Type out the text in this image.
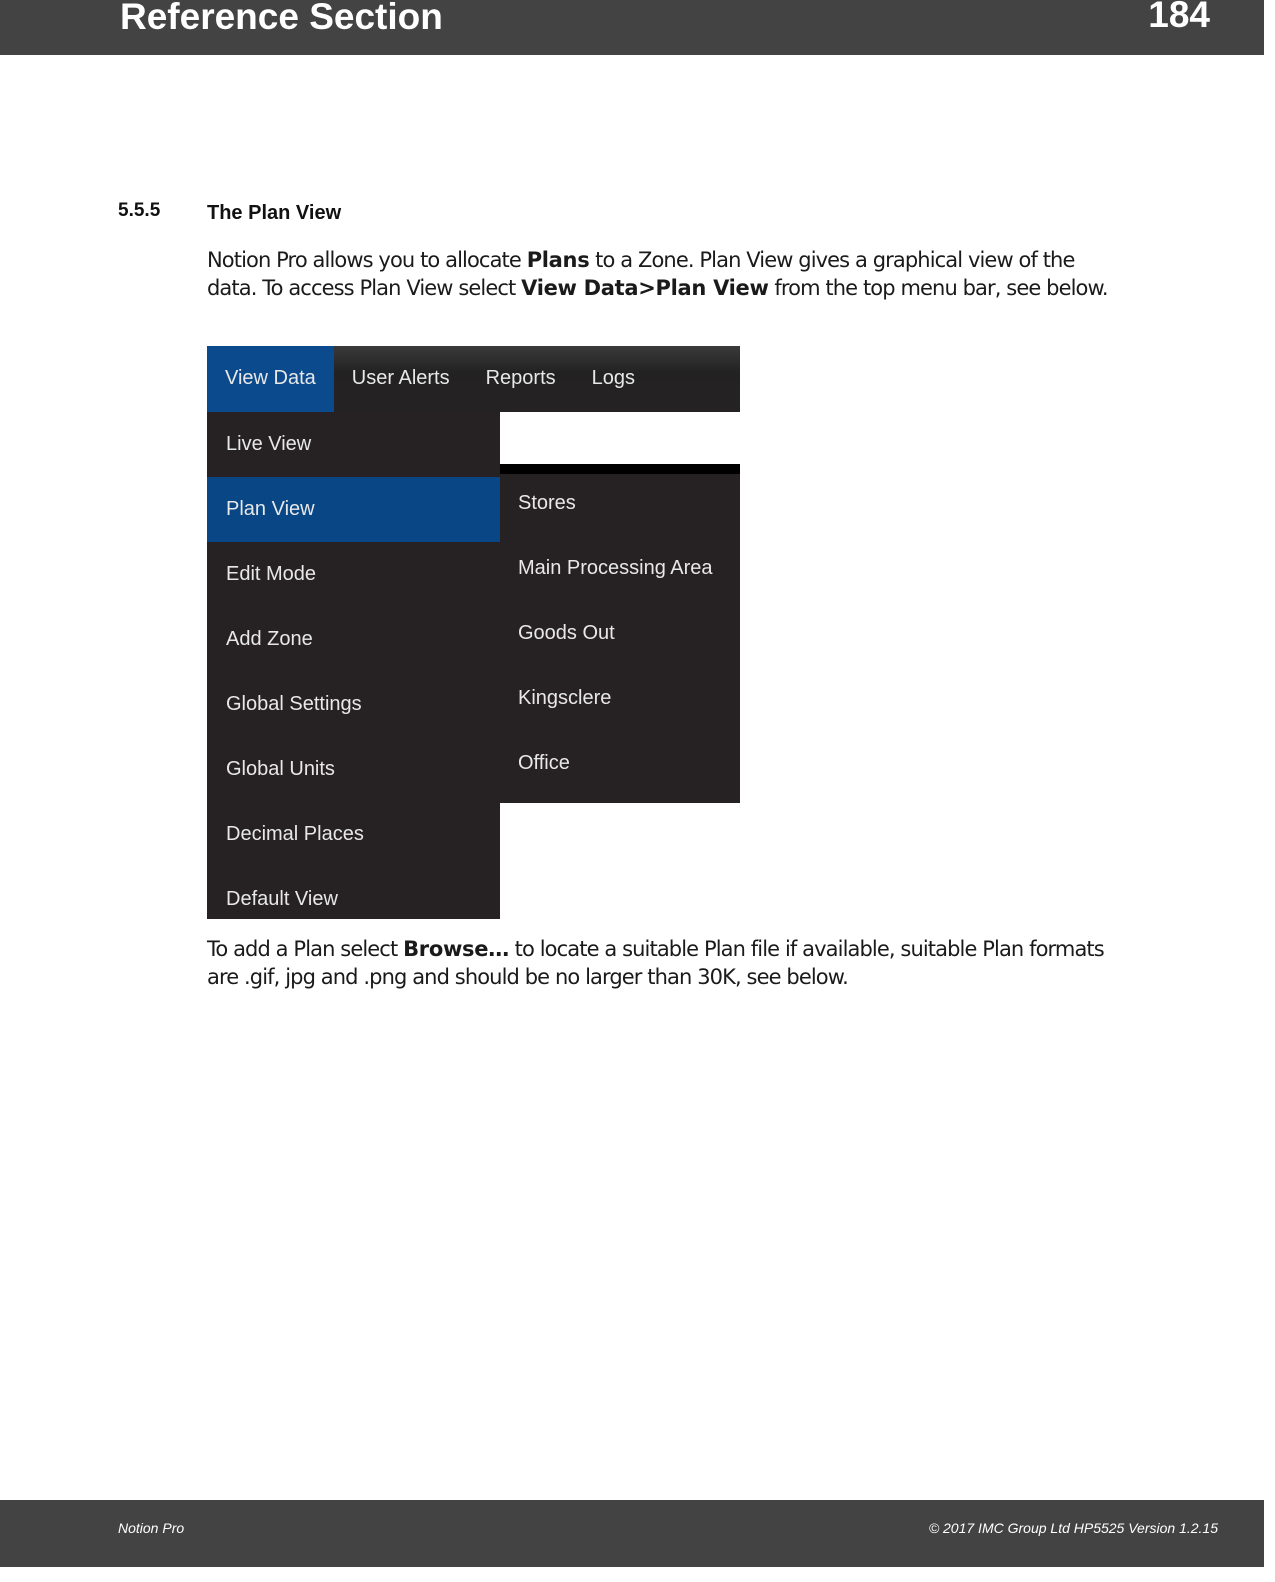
Reference Section	184
5.5.5 The Plan View
Notion Pro allows you to allocate Plans to a Zone. Plan View gives a graphical view of the data. To access Plan View select View Data>Plan View from the top menu bar, see below.
View Data	User Alerts	Reports	Logs
Live View
Plan View
Edit Mode
Add Zone
Global Settings
Global Units
Decimal Places
Default View
Stores
Main Processing Area
Goods Out
Kingsclere
Office
To add a Plan select Browse… to locate a suitable Plan file if available, suitable Plan formats are .gif, jpg and .png and should be no larger than 30K, see below.
Notion Pro	© 2017 IMC Group Ltd HP5525 Version 1.2.15
